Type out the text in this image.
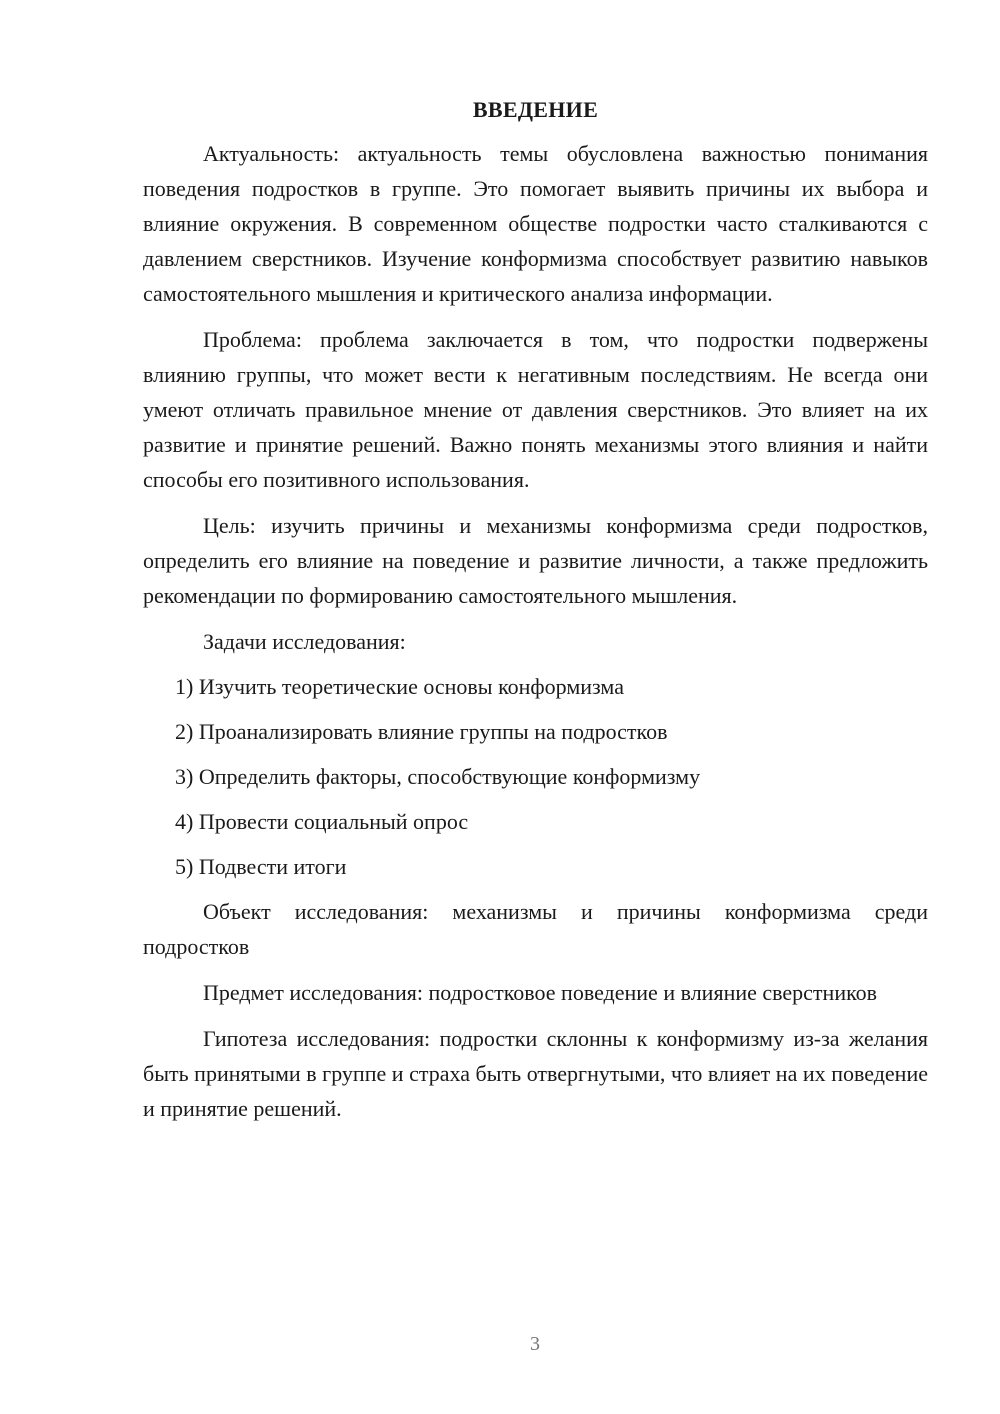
ВВЕДЕНИЕ

Актуальность: актуальность темы обусловлена важностью понимания поведения подростков в группе. Это помогает выявить причины их выбора и влияние окружения. В современном обществе подростки часто сталкиваются с давлением сверстников. Изучение конформизма способствует развитию навыков самостоятельного мышления и критического анализа информации.

Проблема: проблема заключается в том, что подростки подвержены влиянию группы, что может вести к негативным последствиям. Не всегда они умеют отличать правильное мнение от давления сверстников. Это влияет на их развитие и принятие решений. Важно понять механизмы этого влияния и найти способы его позитивного использования.

Цель: изучить причины и механизмы конформизма среди подростков, определить его влияние на поведение и развитие личности, а также предложить рекомендации по формированию самостоятельного мышления.

Задачи исследования:

1) Изучить теоретические основы конформизма
2) Проанализировать влияние группы на подростков
3) Определить факторы, способствующие конформизму
4) Провести социальный опрос
5) Подвести итоги

Объект исследования: механизмы и причины конформизма среди подростков

Предмет исследования: подростковое поведение и влияние сверстников

Гипотеза исследования: подростки склонны к конформизму из-за желания быть принятыми в группе и страха быть отвергнутыми, что влияет на их поведение и принятие решений.

3
